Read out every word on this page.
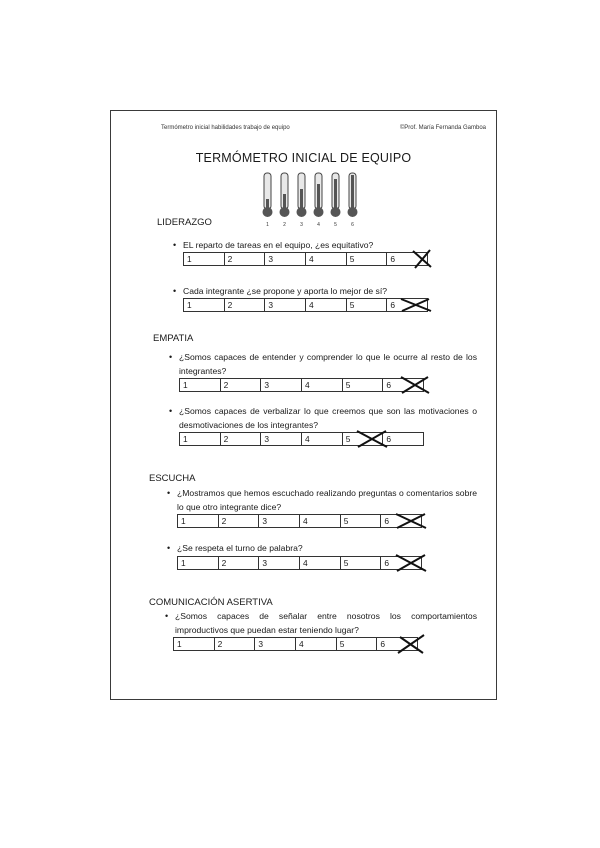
Termómetro inicial habilidades trabajo de equipo	©Prof. María Fernanda Gamboa
TERMÓMETRO INICIAL DE EQUIPO
1	2	3	4	5	6
LIDERAZGO
• EL reparto de tareas en el equipo, ¿es equitativo?
1	2	3	4	5	6
• Cada integrante ¿se propone y aporta lo mejor de sí?
1	2	3	4	5	6
EMPATIA
• ¿Somos capaces de entender y comprender lo que le ocurre al resto de los integrantes?
1	2	3	4	5	6
• ¿Somos capaces de verbalizar lo que creemos que son las motivaciones o desmotivaciones de los integrantes?
1	2	3	4	5	6
ESCUCHA
• ¿Mostramos que hemos escuchado realizando preguntas o comentarios sobre lo que otro integrante dice?
1	2	3	4	5	6
• ¿Se respeta el turno de palabra?
1	2	3	4	5	6
COMUNICACIÓN ASERTIVA
• ¿Somos capaces de señalar entre nosotros los comportamientos improductivos que puedan estar teniendo lugar?
1	2	3	4	5	6
